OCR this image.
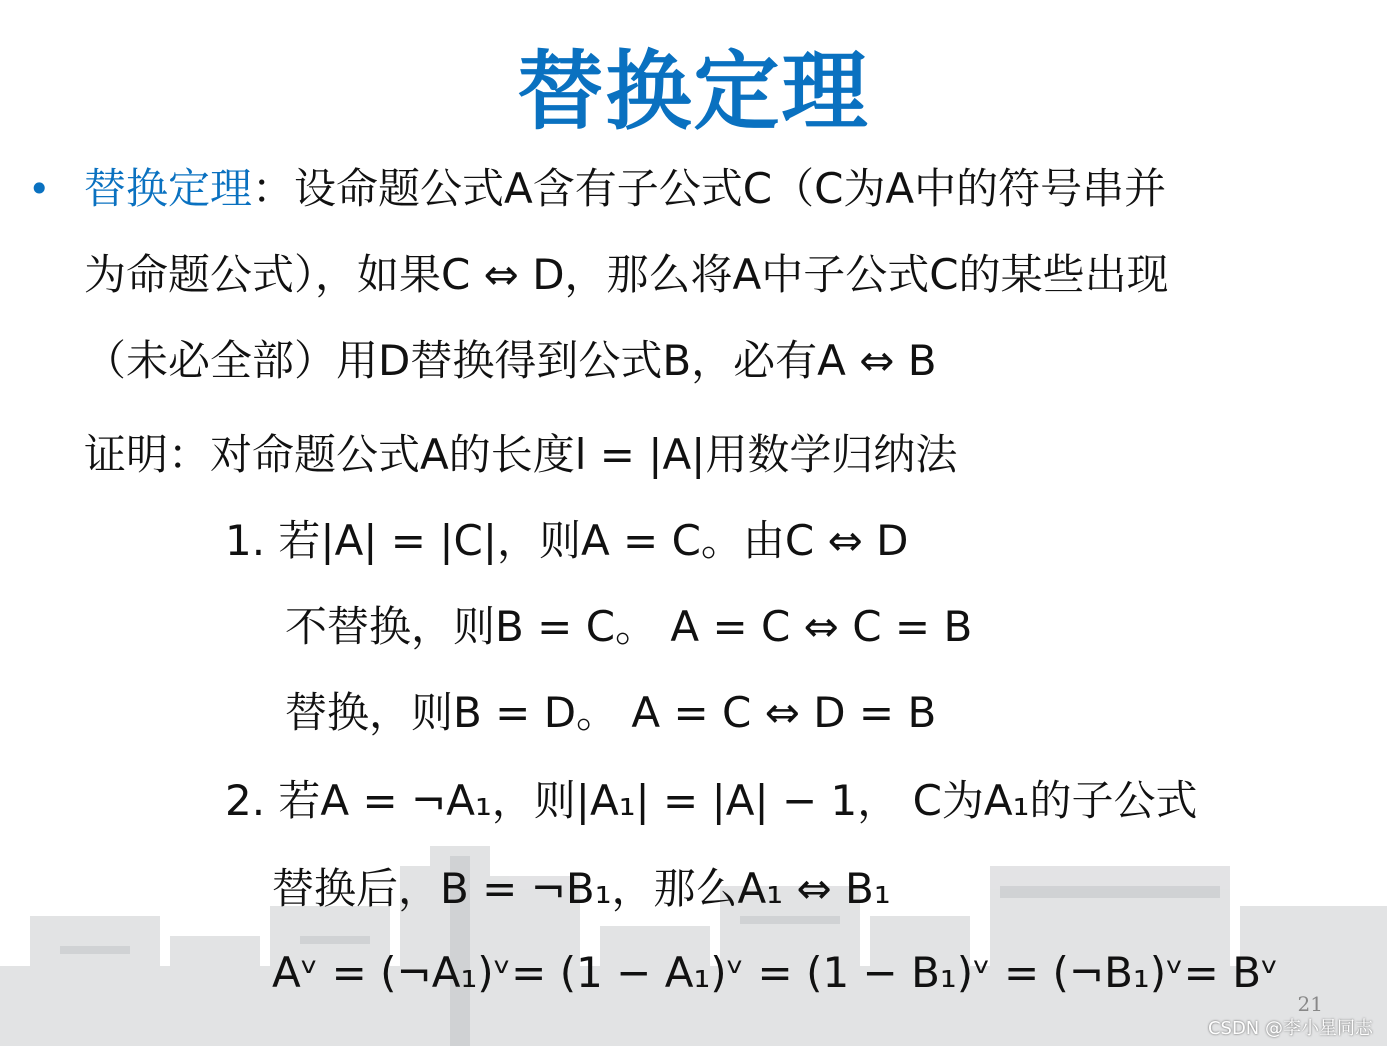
替换定理
• 替换定理：设命题公式A含有子公式C（C为A中的符号串并
为命题公式），如果C ⇔ D，那么将A中子公式C的某些出现
（未必全部）用D替换得到公式B，必有A ⇔ B
证明：对命题公式A的长度l = |A|用数学归纳法
1. 若|A| = |C|，则A = C。由C ⇔ D
不替换，则B = C。 A = C ⇔ C = B
替换，则B = D。 A = C ⇔ D = B
2. 若A = ¬A₁，则|A₁| = |A| − 1， C为A₁的子公式
替换后，B = ¬B₁，那么A₁ ⇔ B₁
Aᵛ = (¬A₁)ᵛ= (1 − A₁)ᵛ = (1 − B₁)ᵛ = (¬B₁)ᵛ= Bᵛ
21
CSDN @李小星同志
